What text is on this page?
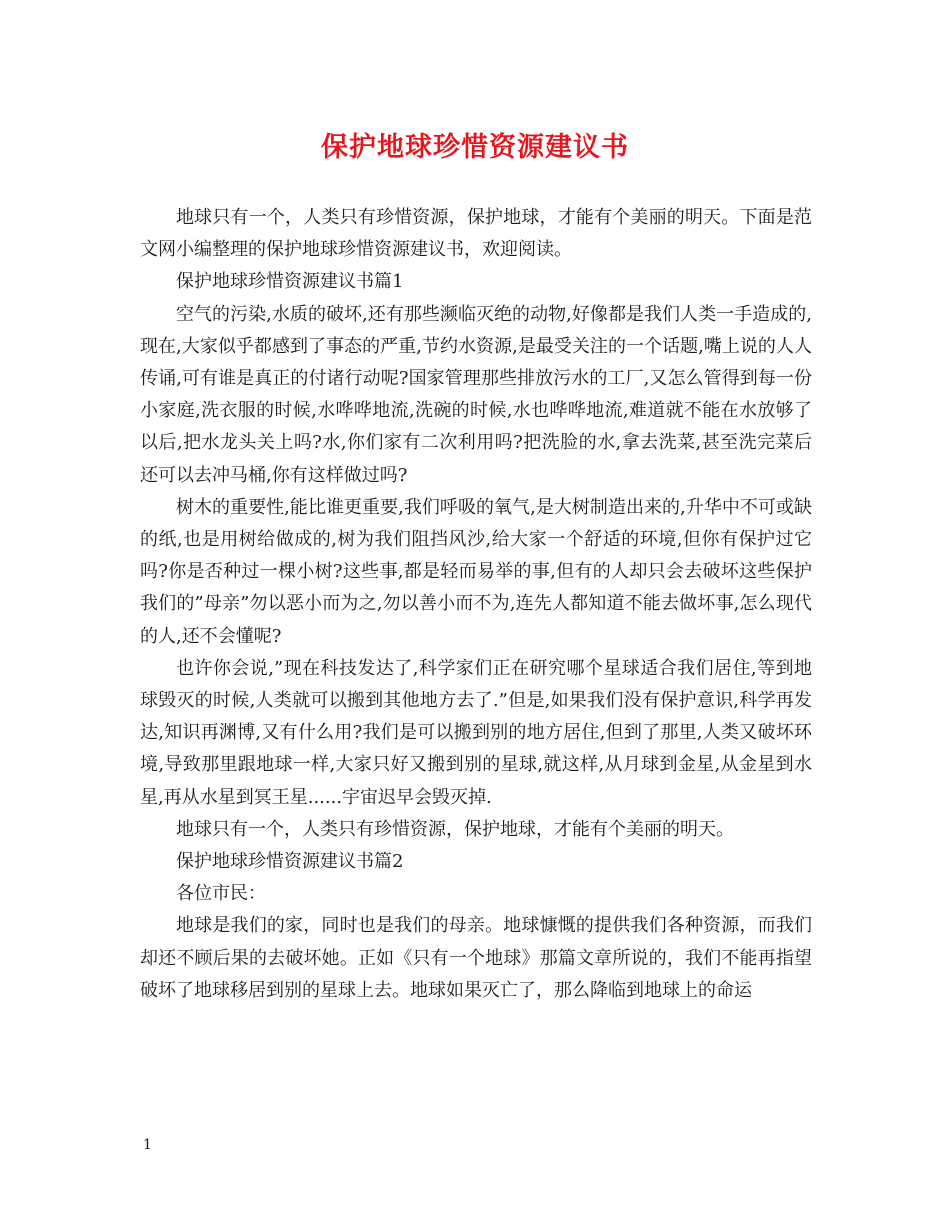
保护地球珍惜资源建议书

地球只有一个，人类只有珍惜资源，保护地球，才能有个美丽的明天。下面是范文网小编整理的保护地球珍惜资源建议书，欢迎阅读。

保护地球珍惜资源建议书篇1

空气的污染,水质的破坏,还有那些濒临灭绝的动物,好像都是我们人类一手造成的,现在,大家似乎都感到了事态的严重,节约水资源,是最受关注的一个话题,嘴上说的人人传诵,可有谁是真正的付诸行动呢?国家管理那些排放污水的工厂,又怎么管得到每一份小家庭,洗衣服的时候,水哗哗地流,洗碗的时候,水也哗哗地流,难道就不能在水放够了以后,把水龙头关上吗?水,你们家有二次利用吗?把洗脸的水,拿去洗菜,甚至洗完菜后还可以去冲马桶,你有这样做过吗?

树木的重要性,能比谁更重要,我们呼吸的氧气,是大树制造出来的,升华中不可或缺的纸,也是用树给做成的,树为我们阻挡风沙,给大家一个舒适的环境,但你有保护过它吗?你是否种过一棵小树?这些事,都是轻而易举的事,但有的人却只会去破坏这些保护我们的”母亲”勿以恶小而为之,勿以善小而不为,连先人都知道不能去做坏事,怎么现代的人,还不会懂呢?

也许你会说,”现在科技发达了,科学家们正在研究哪个星球适合我们居住,等到地球毁灭的时候,人类就可以搬到其他地方去了.”但是,如果我们没有保护意识,科学再发达,知识再渊博,又有什么用?我们是可以搬到别的地方居住,但到了那里,人类又破坏环境,导致那里跟地球一样,大家只好又搬到别的星球,就这样,从月球到金星,从金星到水星,再从水星到冥王星......宇宙迟早会毁灭掉.

地球只有一个，人类只有珍惜资源，保护地球，才能有个美丽的明天。

保护地球珍惜资源建议书篇2

各位市民：

地球是我们的家，同时也是我们的母亲。地球慷慨的提供我们各种资源，而我们却还不顾后果的去破坏她。正如《只有一个地球》那篇文章所说的，我们不能再指望破坏了地球移居到别的星球上去。地球如果灭亡了，那么降临到地球上的命运

1
